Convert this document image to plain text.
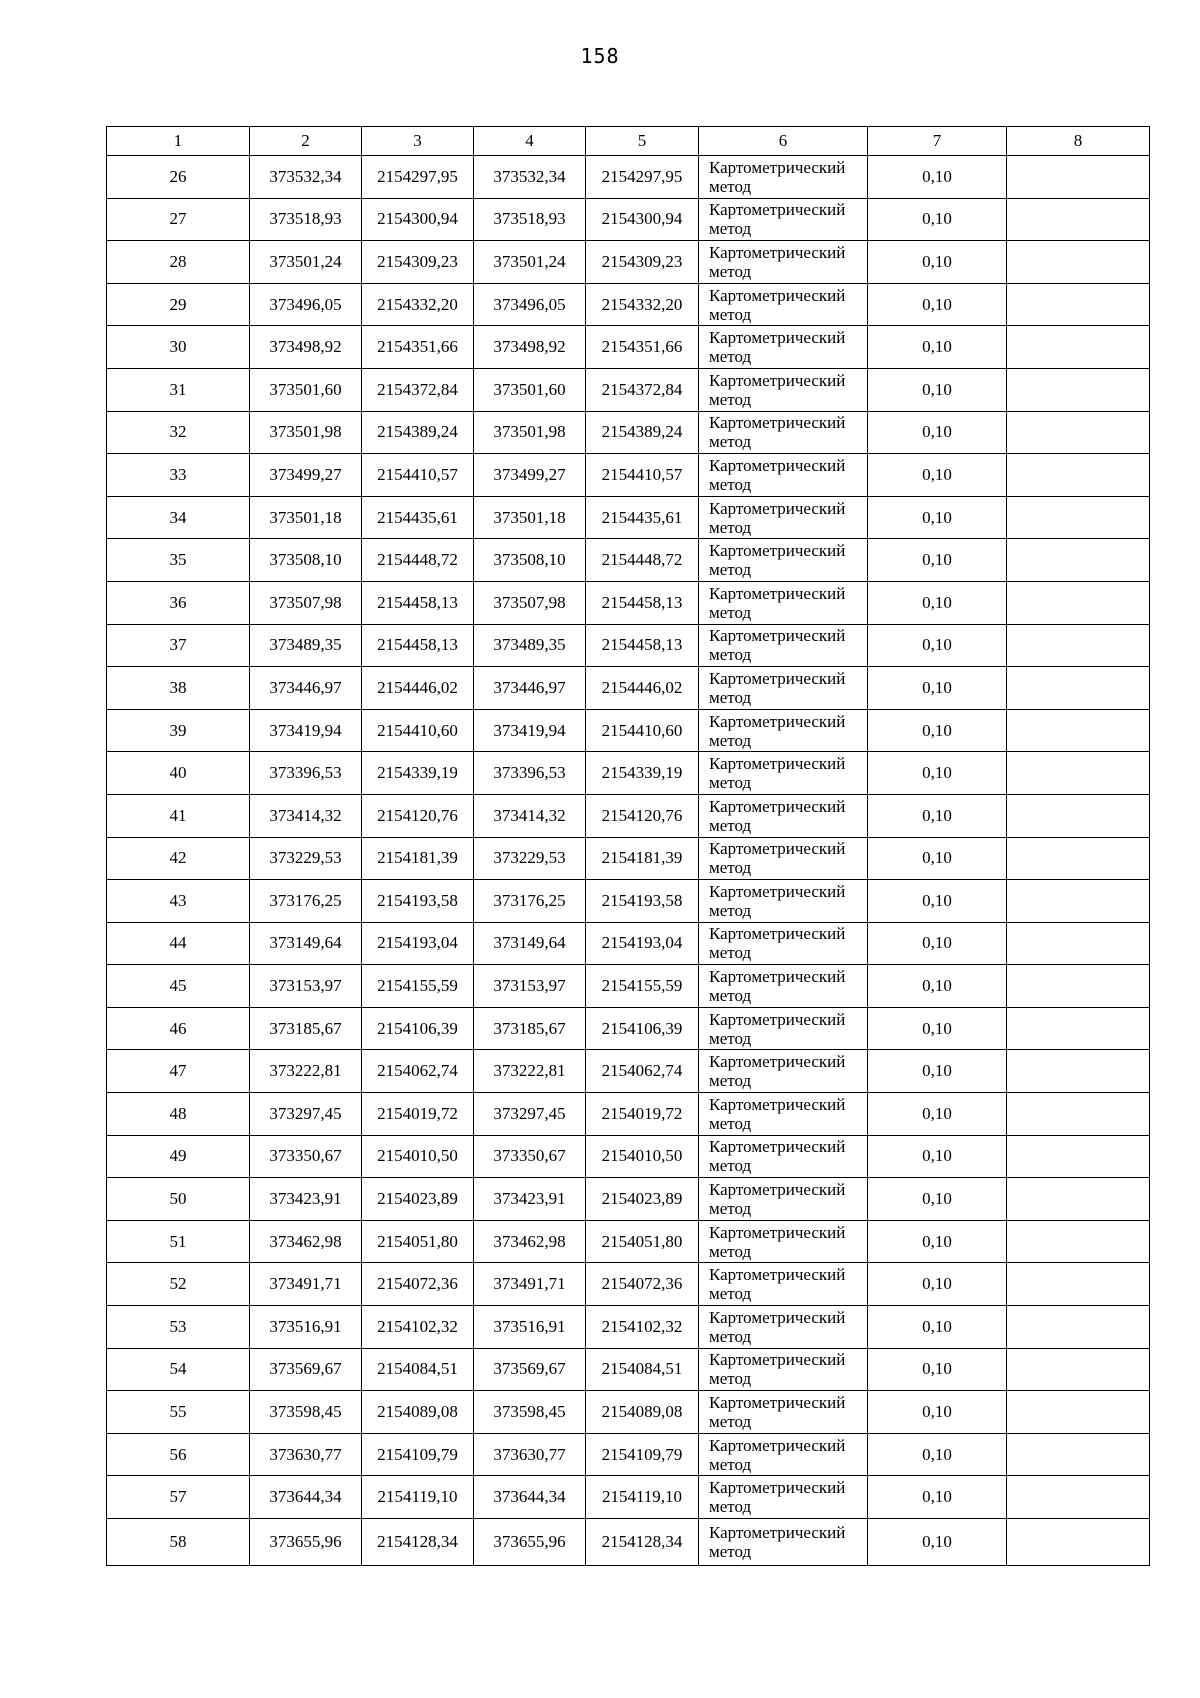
158
1	2	3	4	5	6	7	8
26	373532,34	2154297,95	373532,34	2154297,95	Картометрический метод	0,10	
27	373518,93	2154300,94	373518,93	2154300,94	Картометрический метод	0,10	
28	373501,24	2154309,23	373501,24	2154309,23	Картометрический метод	0,10	
29	373496,05	2154332,20	373496,05	2154332,20	Картометрический метод	0,10	
30	373498,92	2154351,66	373498,92	2154351,66	Картометрический метод	0,10	
31	373501,60	2154372,84	373501,60	2154372,84	Картометрический метод	0,10	
32	373501,98	2154389,24	373501,98	2154389,24	Картометрический метод	0,10	
33	373499,27	2154410,57	373499,27	2154410,57	Картометрический метод	0,10	
34	373501,18	2154435,61	373501,18	2154435,61	Картометрический метод	0,10	
35	373508,10	2154448,72	373508,10	2154448,72	Картометрический метод	0,10	
36	373507,98	2154458,13	373507,98	2154458,13	Картометрический метод	0,10	
37	373489,35	2154458,13	373489,35	2154458,13	Картометрический метод	0,10	
38	373446,97	2154446,02	373446,97	2154446,02	Картометрический метод	0,10	
39	373419,94	2154410,60	373419,94	2154410,60	Картометрический метод	0,10	
40	373396,53	2154339,19	373396,53	2154339,19	Картометрический метод	0,10	
41	373414,32	2154120,76	373414,32	2154120,76	Картометрический метод	0,10	
42	373229,53	2154181,39	373229,53	2154181,39	Картометрический метод	0,10	
43	373176,25	2154193,58	373176,25	2154193,58	Картометрический метод	0,10	
44	373149,64	2154193,04	373149,64	2154193,04	Картометрический метод	0,10	
45	373153,97	2154155,59	373153,97	2154155,59	Картометрический метод	0,10	
46	373185,67	2154106,39	373185,67	2154106,39	Картометрический метод	0,10	
47	373222,81	2154062,74	373222,81	2154062,74	Картометрический метод	0,10	
48	373297,45	2154019,72	373297,45	2154019,72	Картометрический метод	0,10	
49	373350,67	2154010,50	373350,67	2154010,50	Картометрический метод	0,10	
50	373423,91	2154023,89	373423,91	2154023,89	Картометрический метод	0,10	
51	373462,98	2154051,80	373462,98	2154051,80	Картометрический метод	0,10	
52	373491,71	2154072,36	373491,71	2154072,36	Картометрический метод	0,10	
53	373516,91	2154102,32	373516,91	2154102,32	Картометрический метод	0,10	
54	373569,67	2154084,51	373569,67	2154084,51	Картометрический метод	0,10	
55	373598,45	2154089,08	373598,45	2154089,08	Картометрический метод	0,10	
56	373630,77	2154109,79	373630,77	2154109,79	Картометрический метод	0,10	
57	373644,34	2154119,10	373644,34	2154119,10	Картометрический метод	0,10	
58	373655,96	2154128,34	373655,96	2154128,34	Картометрический метод	0,10	
